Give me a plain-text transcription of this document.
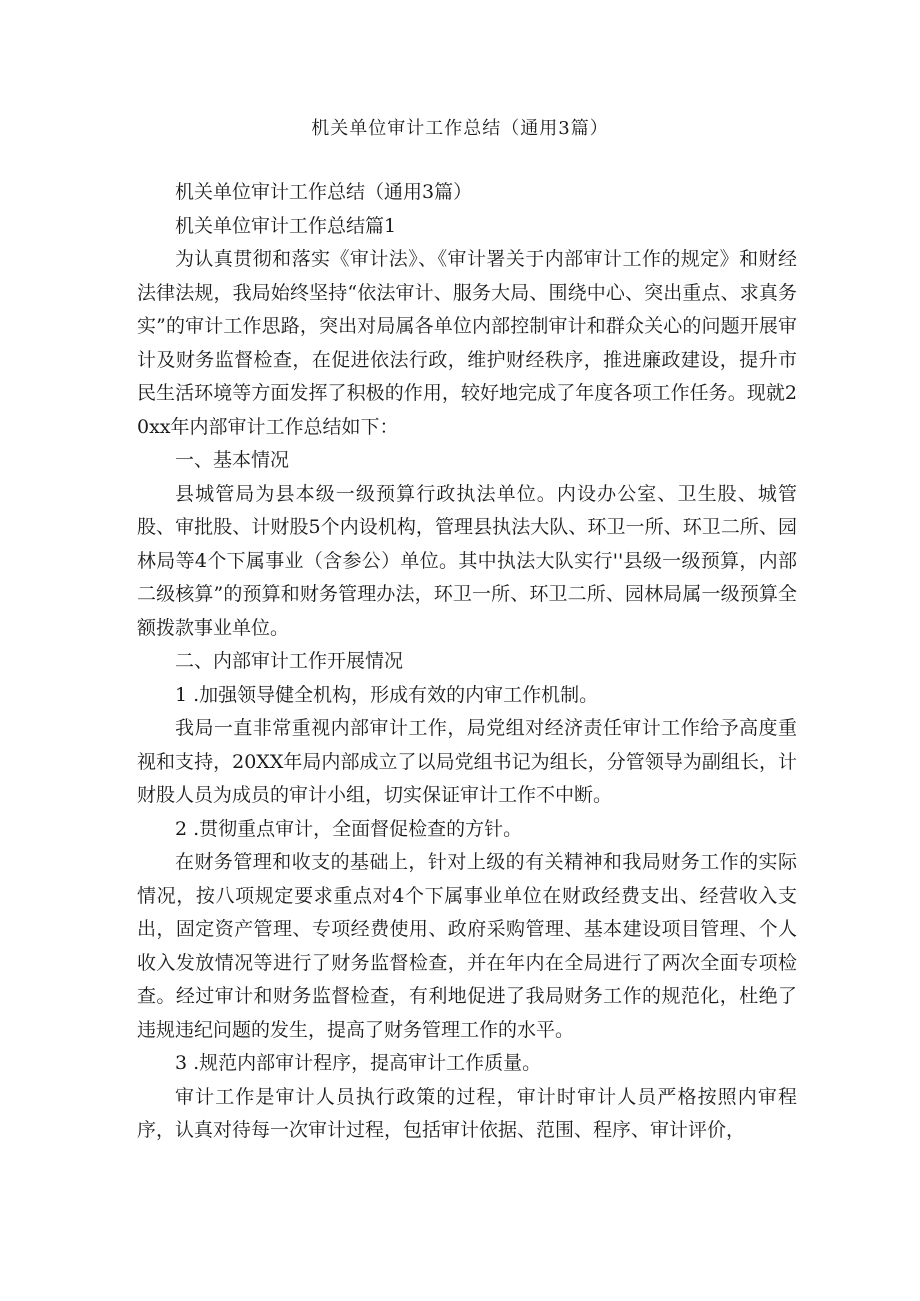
机关单位审计工作总结（通用3篇）

机关单位审计工作总结（通用3篇）

机关单位审计工作总结篇1

为认真贯彻和落实《审计法》、《审计署关于内部审计工作的规定》和财经法律法规，我局始终坚持“依法审计、服务大局、围绕中心、突出重点、求真务实”的审计工作思路，突出对局属各单位内部控制审计和群众关心的问题开展审计及财务监督检查，在促进依法行政，维护财经秩序，推进廉政建设，提升市民生活环境等方面发挥了积极的作用，较好地完成了年度各项工作任务。现就20xx年内部审计工作总结如下：

一、基本情况

县城管局为县本级一级预算行政执法单位。内设办公室、卫生股、城管股、审批股、计财股5个内设机构，管理县执法大队、环卫一所、环卫二所、园林局等4个下属事业（含参公）单位。其中执法大队实行''县级一级预算，内部二级核算”的预算和财务管理办法，环卫一所、环卫二所、园林局属一级预算全额拨款事业单位。

二、内部审计工作开展情况

1 .加强领导健全机构，形成有效的内审工作机制。

我局一直非常重视内部审计工作，局党组对经济责任审计工作给予高度重视和支持，20XX年局内部成立了以局党组书记为组长，分管领导为副组长，计财股人员为成员的审计小组，切实保证审计工作不中断。

2 .贯彻重点审计，全面督促检查的方针。

在财务管理和收支的基础上，针对上级的有关精神和我局财务工作的实际情况，按八项规定要求重点对4个下属事业单位在财政经费支出、经营收入支出，固定资产管理、专项经费使用、政府采购管理、基本建设项目管理、个人收入发放情况等进行了财务监督检查，并在年内在全局进行了两次全面专项检查。经过审计和财务监督检查，有利地促进了我局财务工作的规范化，杜绝了违规违纪问题的发生，提高了财务管理工作的水平。

3 .规范内部审计程序，提高审计工作质量。

审计工作是审计人员执行政策的过程，审计时审计人员严格按照内审程序，认真对待每一次审计过程，包括审计依据、范围、程序、审计评价，
